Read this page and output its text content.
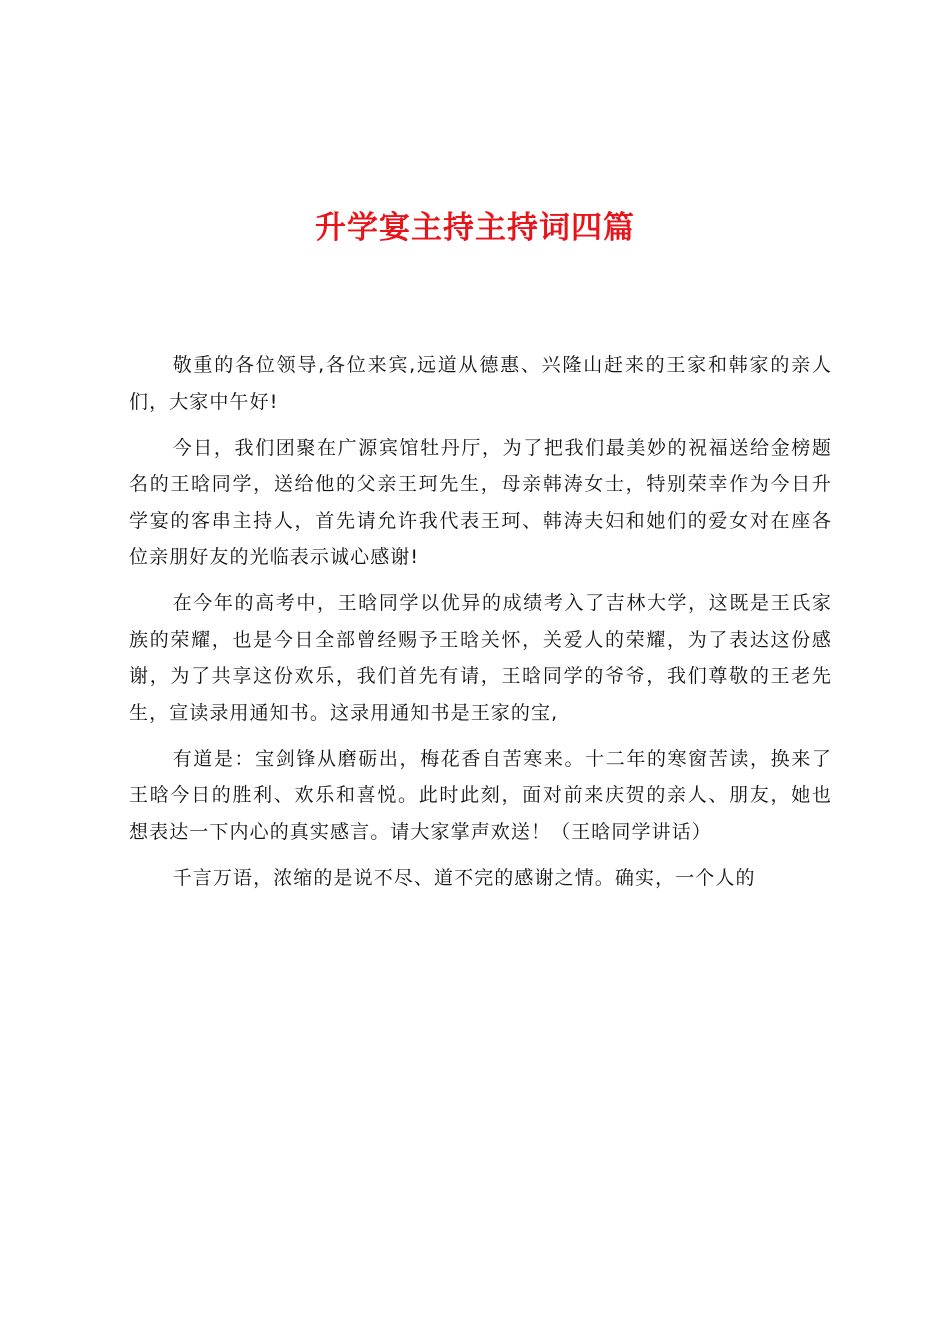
升学宴主持主持词四篇

敬重的各位领导,各位来宾,远道从德惠、兴隆山赶来的王家和韩家的亲人们，大家中午好!

今日，我们团聚在广源宾馆牡丹厅，为了把我们最美妙的祝福送给金榜题名的王晗同学，送给他的父亲王珂先生，母亲韩涛女士，特别荣幸作为今日升学宴的客串主持人，首先请允许我代表王珂、韩涛夫妇和她们的爱女对在座各位亲朋好友的光临表示诚心感谢!

在今年的高考中，王晗同学以优异的成绩考入了吉林大学，这既是王氏家族的荣耀，也是今日全部曾经赐予王晗关怀，关爱人的荣耀，为了表达这份感谢，为了共享这份欢乐，我们首先有请，王晗同学的爷爷，我们尊敬的王老先生，宣读录用通知书。这录用通知书是王家的宝,

有道是：宝剑锋从磨砺出，梅花香自苦寒来。十二年的寒窗苦读，换来了王晗今日的胜利、欢乐和喜悦。此时此刻，面对前来庆贺的亲人、朋友，她也想表达一下内心的真实感言。请大家掌声欢送！（王晗同学讲话）

千言万语，浓缩的是说不尽、道不完的感谢之情。确实，一个人的
